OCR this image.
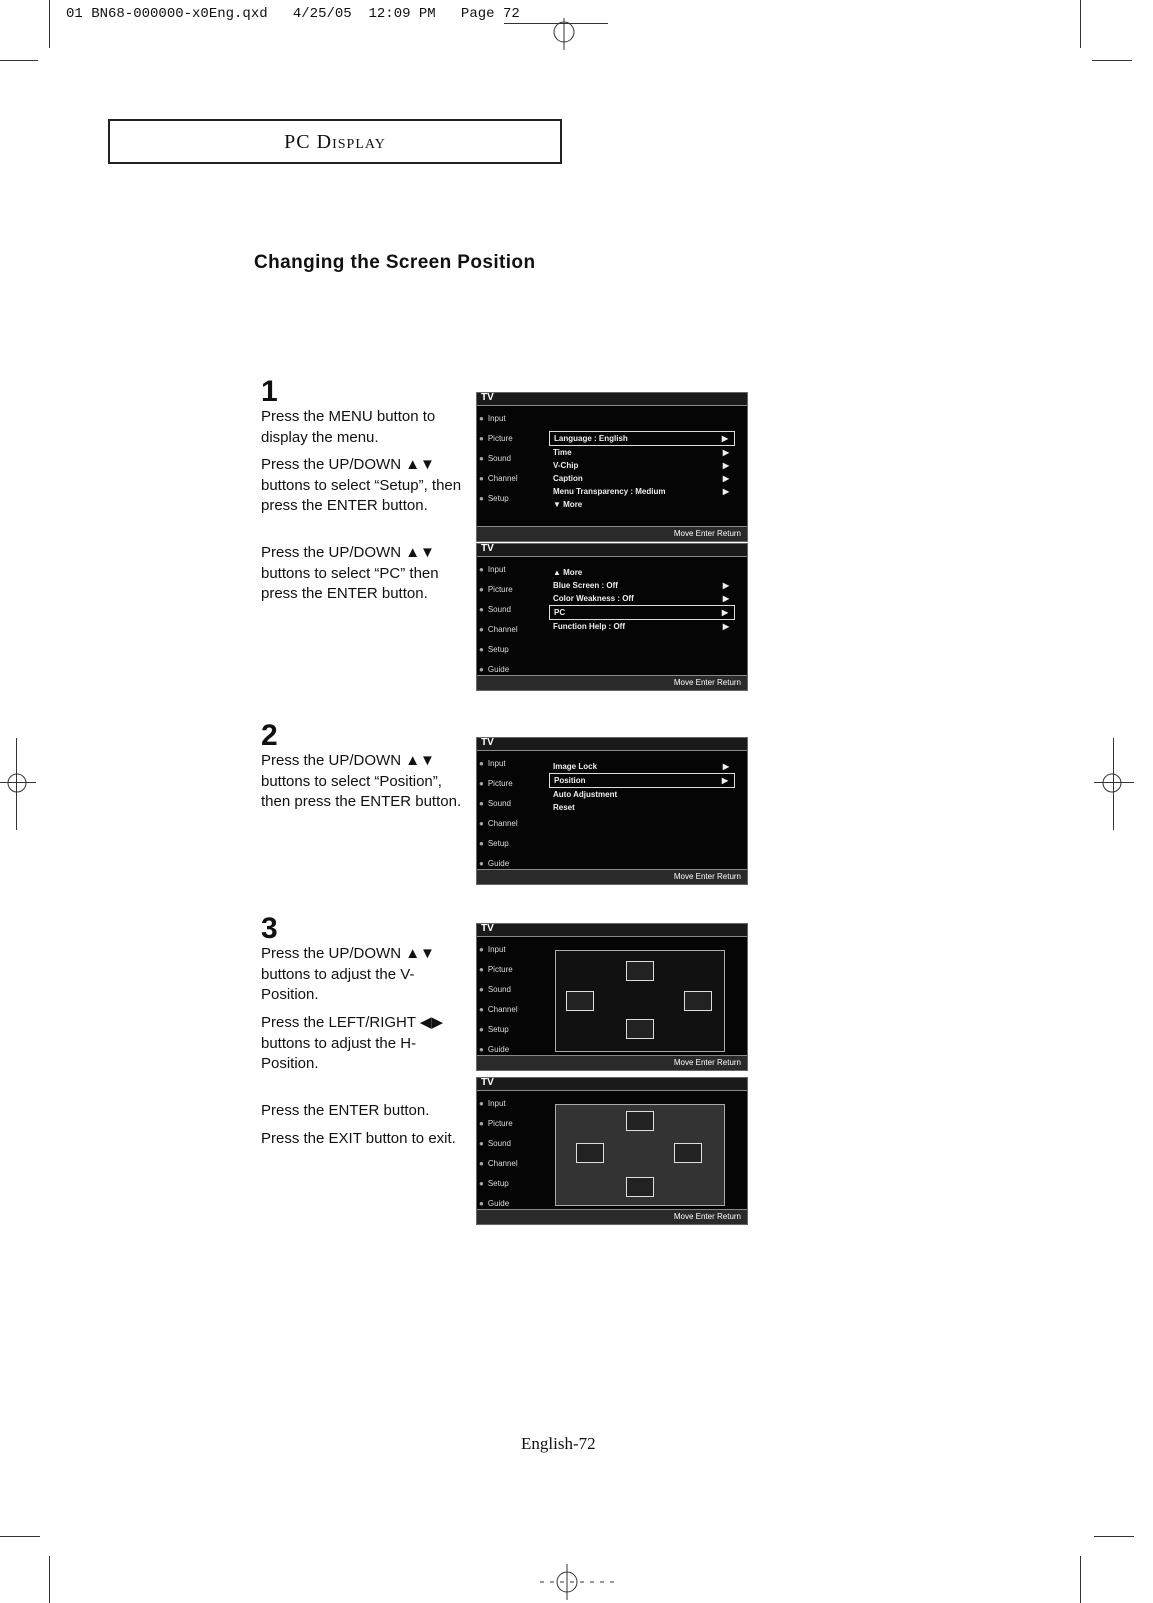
01 BN68-000000-x0Eng.qxd 4/25/05 12:09 PM Page 72
PC Display
Changing the Screen Position
1
Press the MENU button to display the menu.
Press the UP/DOWN ▲▼ buttons to select “Setup”, then press the ENTER button.
Press the UP/DOWN ▲▼ buttons to select “PC” then press the ENTER button.
TV
● Input
● Picture
● Sound
● Channel
● Setup
Language : English	▶
Time	▶
V-Chip	▶
Caption	▶
Menu Transparency : Medium	▶
▼ More
Move Enter Return
TV
● Input
● Picture
● Sound
● Channel
● Setup
● Guide
▲ More
Blue Screen : Off	▶
Color Weakness : Off	▶
PC	▶
Function Help : Off	▶
Move Enter Return
2
Press the UP/DOWN ▲▼ buttons to select “Position”, then press the ENTER button.
TV
● Input
● Picture
● Sound
● Channel
● Setup
● Guide
Image Lock	▶
Position	▶
Auto Adjustment
Reset
Move Enter Return
3
Press the UP/DOWN ▲▼ buttons to adjust the V-Position.
Press the LEFT/RIGHT ◀▶ buttons to adjust the H-Position.
Press the ENTER button.
Press the EXIT button to exit.
TV
● Input
● Picture
● Sound
● Channel
● Setup
● Guide
Move Enter Return
TV
● Input
● Picture
● Sound
● Channel
● Setup
● Guide
Move Enter Return
English-72
